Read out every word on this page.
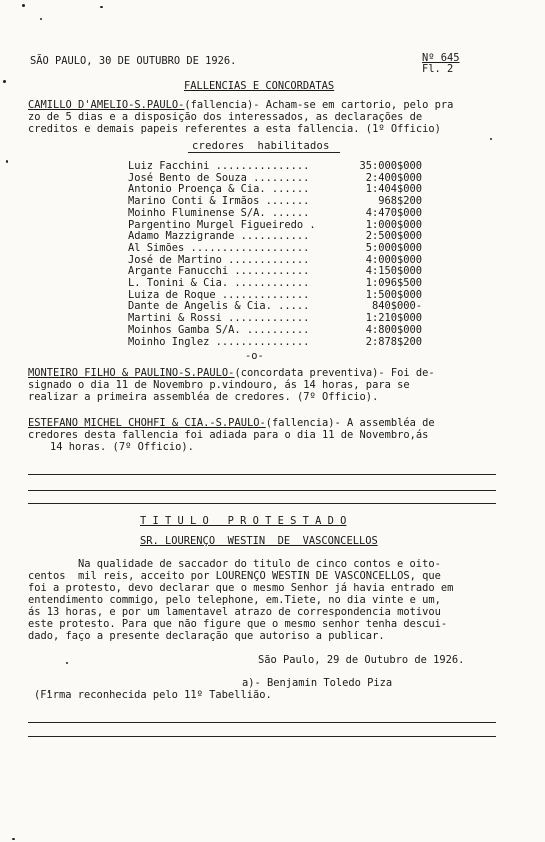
SÃO PAULO, 30 DE OUTUBRO DE 1926.	Nº 645
Fl. 2
FALLENCIAS E CONCORDATAS
CAMILLO D'AMELIO-S.PAULO-(fallencia)- Acham-se em cartorio, pelo pra
zo de 5 dias e a disposição dos interessados, as declarações de
creditos e demais papeis referentes a esta fallencia. (1º Officio)
credores  habilitados
Luiz Facchini ...............	35:000$000
José Bento de Souza .........	2:400$000
Antonio Proença & Cia. ......	1:404$000
Marino Conti & Irmãos .......	968$200
Moinho Fluminense S/A. ......	4:470$000
Pargentino Murgel Figueiredo .	1:000$000
Adamo Mazzigrande ...........	2:500$000
Al Simões ...................	5:000$000
José de Martino .............	4:000$000
Argante Fanucchi ............	4:150$000
L. Tonini & Cia. ............	1:096$500
Luiza de Roque ..............	1:500$000
Dante de Angelis & Cia. .....	840$000-
Martini & Rossi .............	1:210$000
Moinhos Gamba S/A. ..........	4:800$000
Moinho Inglez ...............	2:878$200
-o-
MONTEIRO FILHO & PAULINO-S.PAULO-(concordata preventiva)- Foi de-
signado o dia 11 de Novembro p.vindouro, ás 14 horas, para se
realizar a primeira assembléa de credores. (7º Officio).
ESTEFANO MICHEL CHOHFI & CIA.-S.PAULO-(fallencia)- A assembléa de
credores desta fallencia foi adiada para o dia 11 de Novembro,ás
14 horas. (7º Officio).
T I T U L O   P R O T E S T A D O
SR. LOURENÇO  WESTIN  DE  VASCONCELLOS
Na qualidade de saccador do titulo de cinco contos e oito-
centos  mil reis, acceito por LOURENÇO WESTIN DE VASCONCELLOS, que
foi a protesto, devo declarar que o mesmo Senhor já havia entrado em
entendimento commigo, pelo telephone, em.Tiete, no dia vinte e um,
ás 13 horas, e por um lamentavel atrazo de correspondencia motivou
este protesto. Para que não figure que o mesmo senhor tenha descui-
dado, faço a presente declaração que autoriso a publicar.
São Paulo, 29 de Outubro de 1926.
a)- Benjamin Toledo Piza
(Firma reconhecida pelo 11º Tabellião.
